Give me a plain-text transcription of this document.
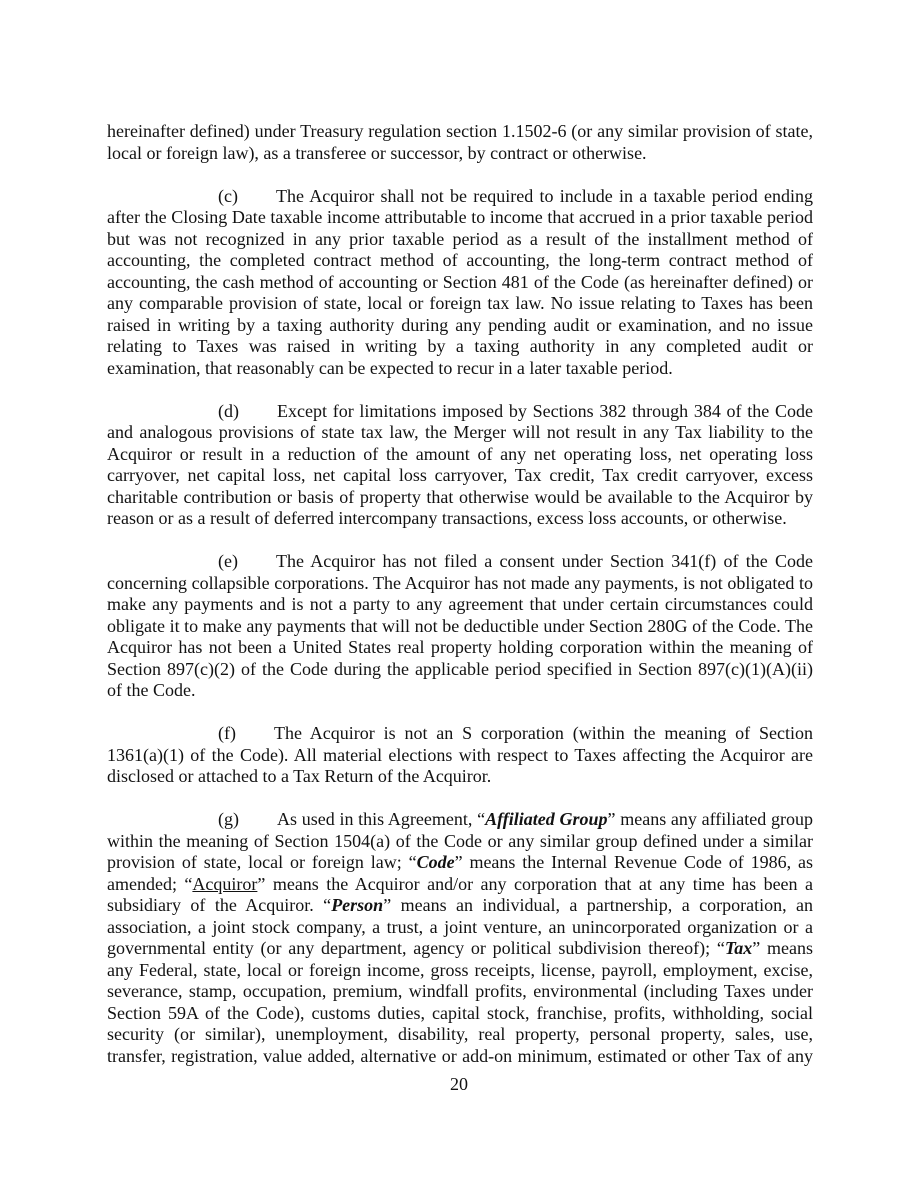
hereinafter defined) under Treasury regulation section 1.1502-6 (or any similar provision of state, local or foreign law), as a transferee or successor, by contract or otherwise.

(c) The Acquiror shall not be required to include in a taxable period ending after the Closing Date taxable income attributable to income that accrued in a prior taxable period but was not recognized in any prior taxable period as a result of the installment method of accounting, the completed contract method of accounting, the long-term contract method of accounting, the cash method of accounting or Section 481 of the Code (as hereinafter defined) or any comparable provision of state, local or foreign tax law. No issue relating to Taxes has been raised in writing by a taxing authority during any pending audit or examination, and no issue relating to Taxes was raised in writing by a taxing authority in any completed audit or examination, that reasonably can be expected to recur in a later taxable period.

(d) Except for limitations imposed by Sections 382 through 384 of the Code and analogous provisions of state tax law, the Merger will not result in any Tax liability to the Acquiror or result in a reduction of the amount of any net operating loss, net operating loss carryover, net capital loss, net capital loss carryover, Tax credit, Tax credit carryover, excess charitable contribution or basis of property that otherwise would be available to the Acquiror by reason or as a result of deferred intercompany transactions, excess loss accounts, or otherwise.

(e) The Acquiror has not filed a consent under Section 341(f) of the Code concerning collapsible corporations. The Acquiror has not made any payments, is not obligated to make any payments and is not a party to any agreement that under certain circumstances could obligate it to make any payments that will not be deductible under Section 280G of the Code. The Acquiror has not been a United States real property holding corporation within the meaning of Section 897(c)(2) of the Code during the applicable period specified in Section 897(c)(1)(A)(ii) of the Code.

(f) The Acquiror is not an S corporation (within the meaning of Section 1361(a)(1) of the Code). All material elections with respect to Taxes affecting the Acquiror are disclosed or attached to a Tax Return of the Acquiror.

(g) As used in this Agreement, “Affiliated Group” means any affiliated group within the meaning of Section 1504(a) of the Code or any similar group defined under a similar provision of state, local or foreign law; “Code” means the Internal Revenue Code of 1986, as amended; “Acquiror” means the Acquiror and/or any corporation that at any time has been a subsidiary of the Acquiror. “Person” means an individual, a partnership, a corporation, an association, a joint stock company, a trust, a joint venture, an unincorporated organization or a governmental entity (or any department, agency or political subdivision thereof); “Tax” means any Federal, state, local or foreign income, gross receipts, license, payroll, employment, excise, severance, stamp, occupation, premium, windfall profits, environmental (including Taxes under Section 59A of the Code), customs duties, capital stock, franchise, profits, withholding, social security (or similar), unemployment, disability, real property, personal property, sales, use, transfer, registration, value added, alternative or add-on minimum, estimated or other Tax of any

20
